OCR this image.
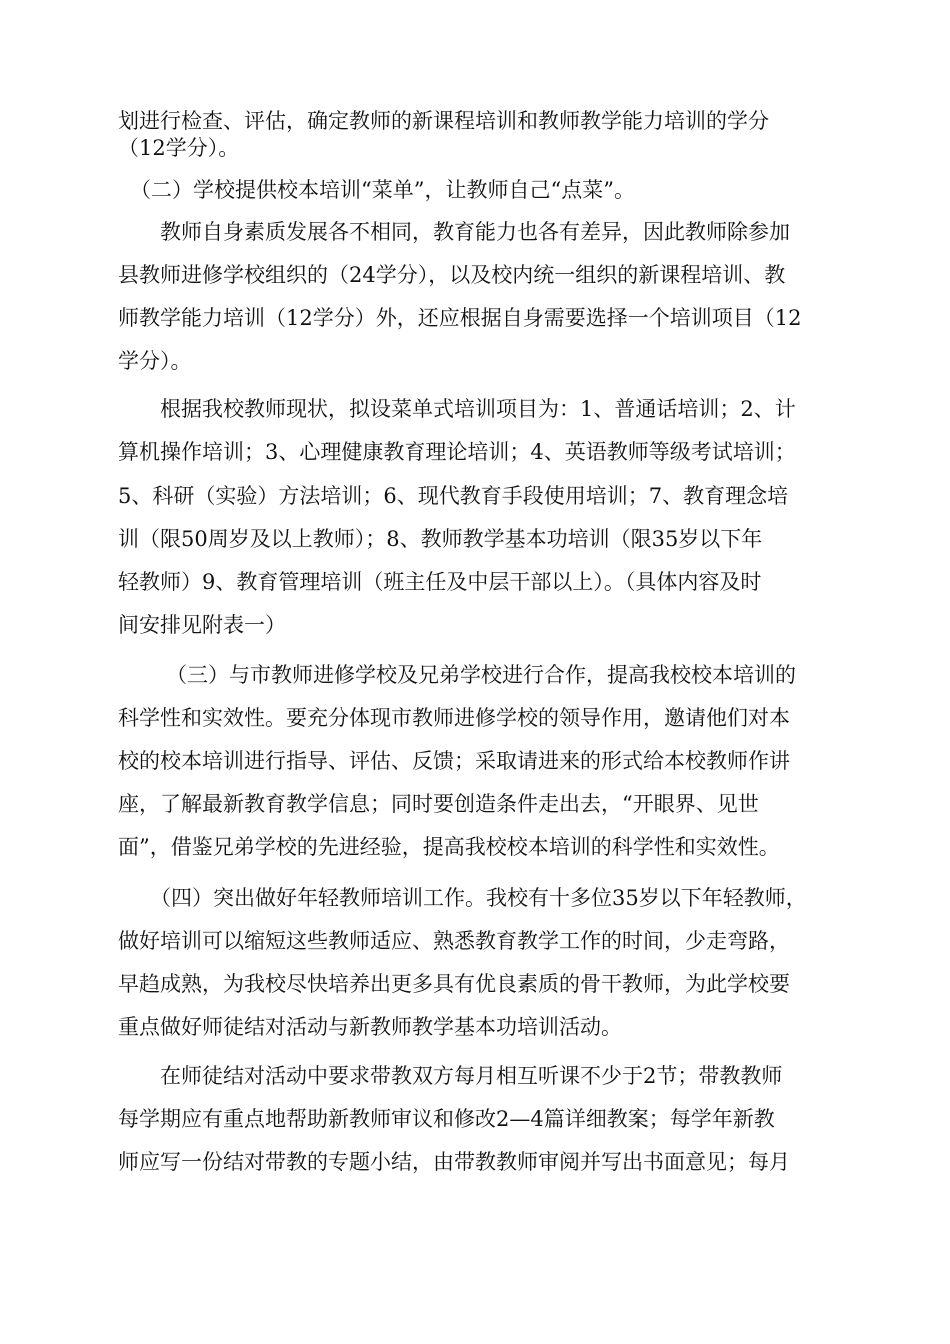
划进行检查、评估，确定教师的新课程培训和教师教学能力培训的学分
（12学分）。
（二）学校提供校本培训“菜单”，让教师自己“点菜”。
教师自身素质发展各不相同，教育能力也各有差异，因此教师除参加
县教师进修学校组织的（24学分），以及校内统一组织的新课程培训、教
师教学能力培训（12学分）外，还应根据自身需要选择一个培训项目（12
学分）。
根据我校教师现状，拟设菜单式培训项目为：1、普通话培训；2、计
算机操作培训；3、心理健康教育理论培训；4、英语教师等级考试培训；
5、科研（实验）方法培训；6、现代教育手段使用培训；7、教育理念培
训（限50周岁及以上教师）；8、教师教学基本功培训（限35岁以下年
轻教师）9、教育管理培训（班主任及中层干部以上）。（具体内容及时
间安排见附表一）
（三）与市教师进修学校及兄弟学校进行合作，提高我校校本培训的
科学性和实效性。要充分体现市教师进修学校的领导作用，邀请他们对本
校的校本培训进行指导、评估、反馈；采取请进来的形式给本校教师作讲
座，了解最新教育教学信息；同时要创造条件走出去，“开眼界、见世
面”，借鉴兄弟学校的先进经验，提高我校校本培训的科学性和实效性。
（四）突出做好年轻教师培训工作。我校有十多位35岁以下年轻教师，
做好培训可以缩短这些教师适应、熟悉教育教学工作的时间，少走弯路，
早趋成熟，为我校尽快培养出更多具有优良素质的骨干教师，为此学校要
重点做好师徒结对活动与新教师教学基本功培训活动。
在师徒结对活动中要求带教双方每月相互听课不少于2节；带教教师
每学期应有重点地帮助新教师审议和修改2—4篇详细教案；每学年新教
师应写一份结对带教的专题小结，由带教教师审阅并写出书面意见；每月
